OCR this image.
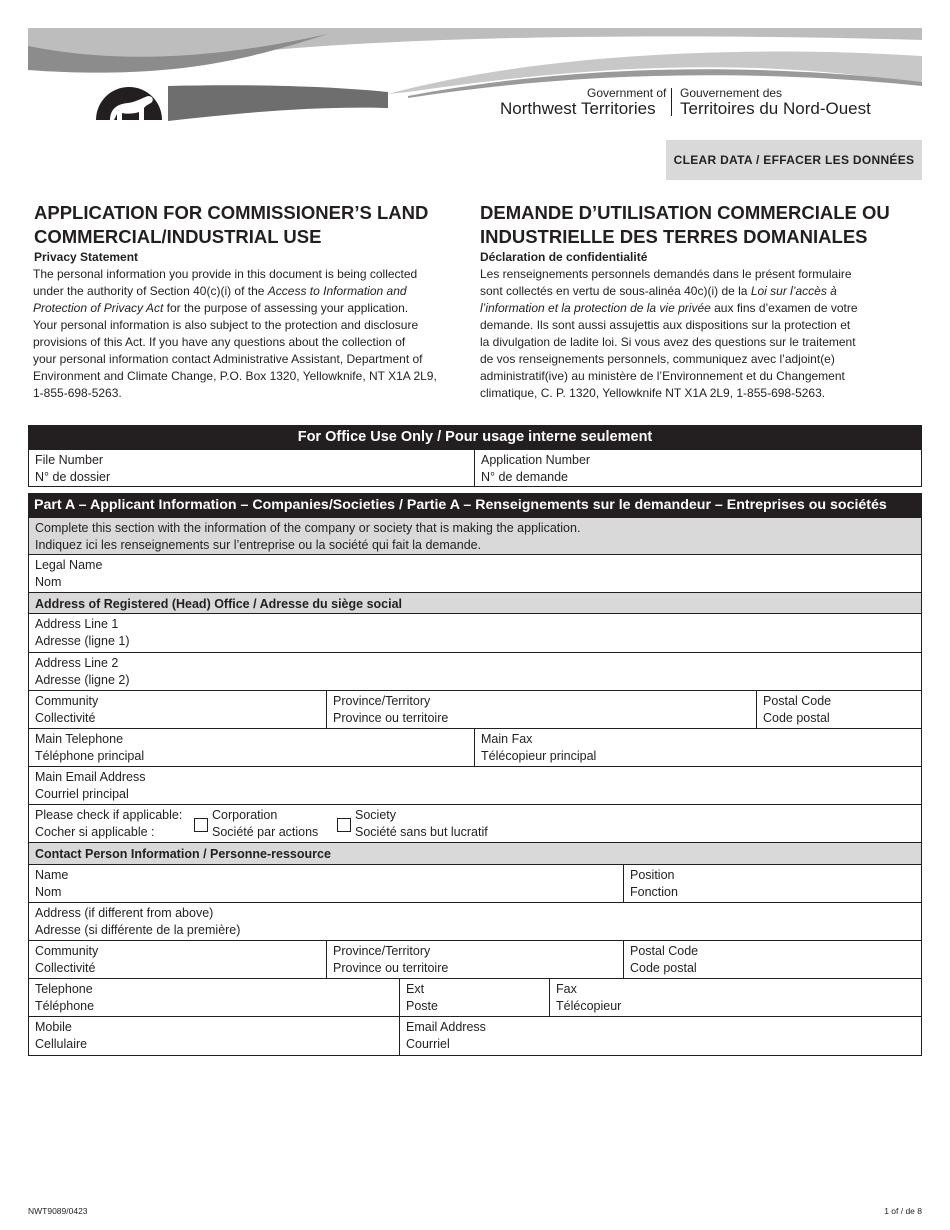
Government of
Northwest Territories
Gouvernement des
Territoires du Nord-Ouest
CLEAR DATA / EFFACER LES DONNÉES
APPLICATION FOR COMMISSIONER’S LAND
COMMERCIAL/INDUSTRIAL USE
Privacy Statement
The personal information you provide in this document is being collected
under the authority of Section 40(c)(i) of the Access to Information and
Protection of Privacy Act for the purpose of assessing your application.
Your personal information is also subject to the protection and disclosure
provisions of this Act. If you have any questions about the collection of
your personal information contact Administrative Assistant, Department of
Environment and Climate Change, P.O. Box 1320, Yellowknife, NT X1A 2L9,
1-855-698-5263.
DEMANDE D’UTILISATION COMMERCIALE OU
INDUSTRIELLE DES TERRES DOMANIALES
Déclaration de confidentialité
Les renseignements personnels demandés dans le présent formulaire
sont collectés en vertu de sous-alinéa 40c)(i) de la Loi sur l’accès à
l’information et la protection de la vie privée aux fins d’examen de votre
demande. Ils sont aussi assujettis aux dispositions sur la protection et
la divulgation de ladite loi. Si vous avez des questions sur le traitement
de vos renseignements personnels, communiquez avec l’adjoint(e)
administratif(ive) au ministère de l’Environnement et du Changement
climatique, C. P. 1320, Yellowknife NT X1A 2L9, 1-855-698-5263.
For Office Use Only / Pour usage interne seulement
File Number
N° de dossier
Application Number
N° de demande
Part A – Applicant Information – Companies/Societies / Partie A – Renseignements sur le demandeur – Entreprises ou sociétés
Complete this section with the information of the company or society that is making the application.
Indiquez ici les renseignements sur l’entreprise ou la société qui fait la demande.
Legal Name
Nom
Address of Registered (Head) Office / Adresse du siège social
Address Line 1
Adresse (ligne 1)
Address Line 2
Adresse (ligne 2)
Community
Collectivité
Province/Territory
Province ou territoire
Postal Code
Code postal
Main Telephone
Téléphone principal
Main Fax
Télécopieur principal
Main Email Address
Courriel principal
Please check if applicable:
Cocher si applicable :
Corporation
Société par actions
Society
Société sans but lucratif
Contact Person Information / Personne-ressource
Name
Nom
Position
Fonction
Address (if different from above)
Adresse (si différente de la première)
Community
Collectivité
Province/Territory
Province ou territoire
Postal Code
Code postal
Telephone
Téléphone
Ext
Poste
Fax
Télécopieur
Mobile
Cellulaire
Email Address
Courriel
NWT9089/0423	1 of / de 8
